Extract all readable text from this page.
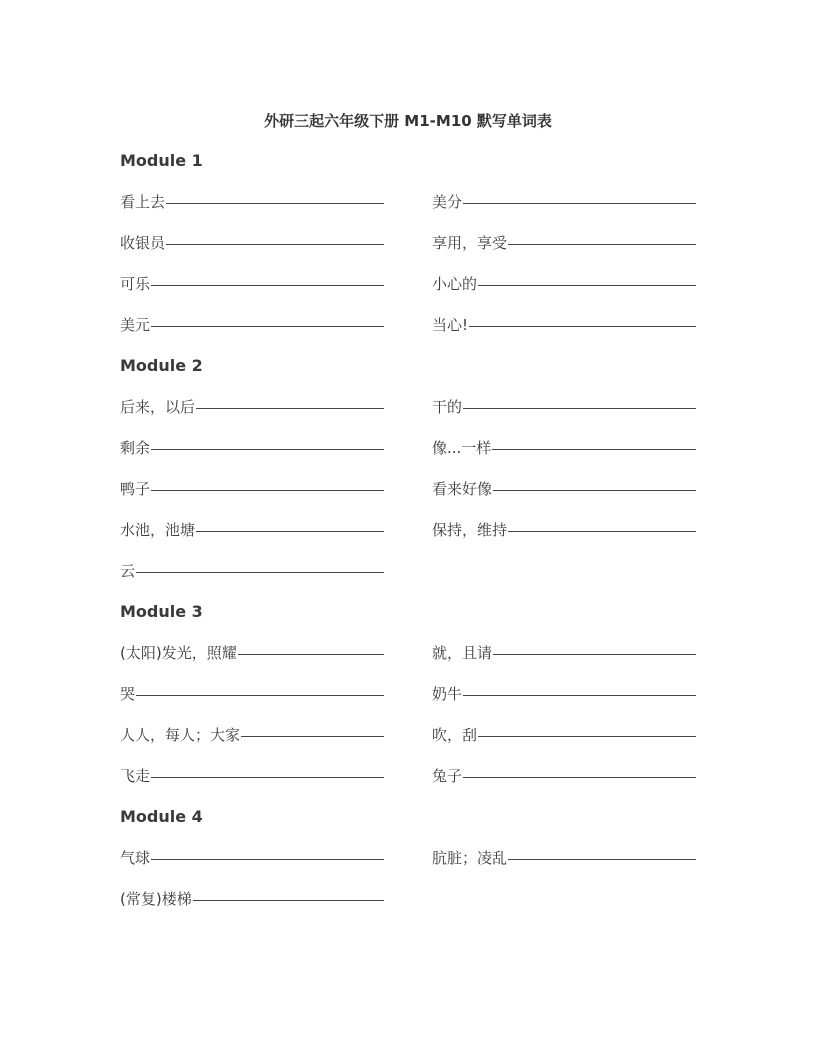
外研三起六年级下册 M1-M10 默写单词表
Module 1
看上去	美分
收银员	享用，享受
可乐	小心的
美元	当心!
Module 2
后来，以后	干的
剩余	像...一样
鸭子	看来好像
水池，池塘	保持，维持
云
Module 3
(太阳)发光，照耀	就，且请
哭	奶牛
人人，每人；大家	吹，刮
飞走	兔子
Module 4
气球	肮脏；凌乱
(常复)楼梯
